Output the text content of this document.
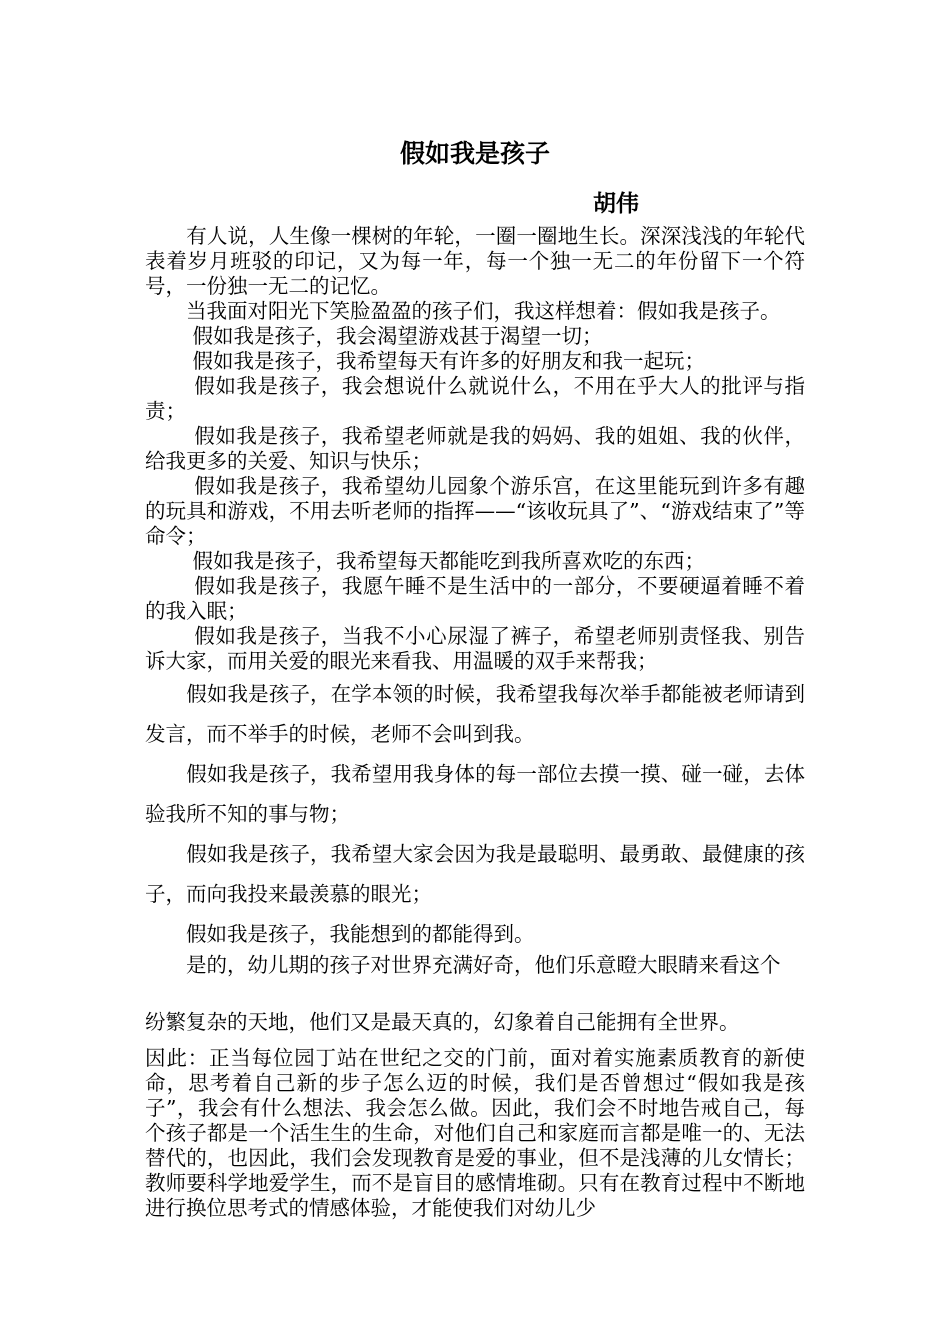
假如我是孩子
胡伟

　　有人说，人生像一棵树的年轮，一圈一圈地生长。深深浅浅的年轮代表着岁月班驳的印记，又为每一年，每一个独一无二的年份留下一个符号，一份独一无二的记忆。

　　当我面对阳光下笑脸盈盈的孩子们，我这样想着：假如我是孩子。

　　 假如我是孩子，我会渴望游戏甚于渴望一切；

　　 假如我是孩子，我希望每天有许多的好朋友和我一起玩；

　　 假如我是孩子，我会想说什么就说什么，不用在乎大人的批评与指责；

　　 假如我是孩子，我希望老师就是我的妈妈、我的姐姐、我的伙伴，给我更多的关爱、知识与快乐；

　　 假如我是孩子，我希望幼儿园象个游乐宫，在这里能玩到许多有趣的玩具和游戏，不用去听老师的指挥——“该收玩具了”、“游戏结束了”等命令；

　　 假如我是孩子，我希望每天都能吃到我所喜欢吃的东西；

　　 假如我是孩子，我愿午睡不是生活中的一部分，不要硬逼着睡不着的我入眠；

　　 假如我是孩子，当我不小心尿湿了裤子，希望老师别责怪我、别告诉大家，而用关爱的眼光来看我、用温暖的双手来帮我；

　　假如我是孩子，在学本领的时候，我希望我每次举手都能被老师请到发言，而不举手的时候，老师不会叫到我。

　　假如我是孩子，我希望用我身体的每一部位去摸一摸、碰一碰，去体验我所不知的事与物；

　　假如我是孩子，我希望大家会因为我是最聪明、最勇敢、最健康的孩子，而向我投来最羡慕的眼光；

　　假如我是孩子，我能想到的都能得到。

　　是的，幼儿期的孩子对世界充满好奇，他们乐意瞪大眼睛来看这个

纷繁复杂的天地，他们又是最天真的，幻象着自己能拥有全世界。

因此：正当每位园丁站在世纪之交的门前，面对着实施素质教育的新使命，思考着自己新的步子怎么迈的时候，我们是否曾想过“假如我是孩子”，我会有什么想法、我会怎么做。因此，我们会不时地告戒自己，每个孩子都是一个活生生的生命，对他们自己和家庭而言都是唯一的、无法替代的，也因此，我们会发现教育是爱的事业，但不是浅薄的儿女情长；教师要科学地爱学生，而不是盲目的感情堆砌。只有在教育过程中不断地进行换位思考式的情感体验，才能使我们对幼儿少
